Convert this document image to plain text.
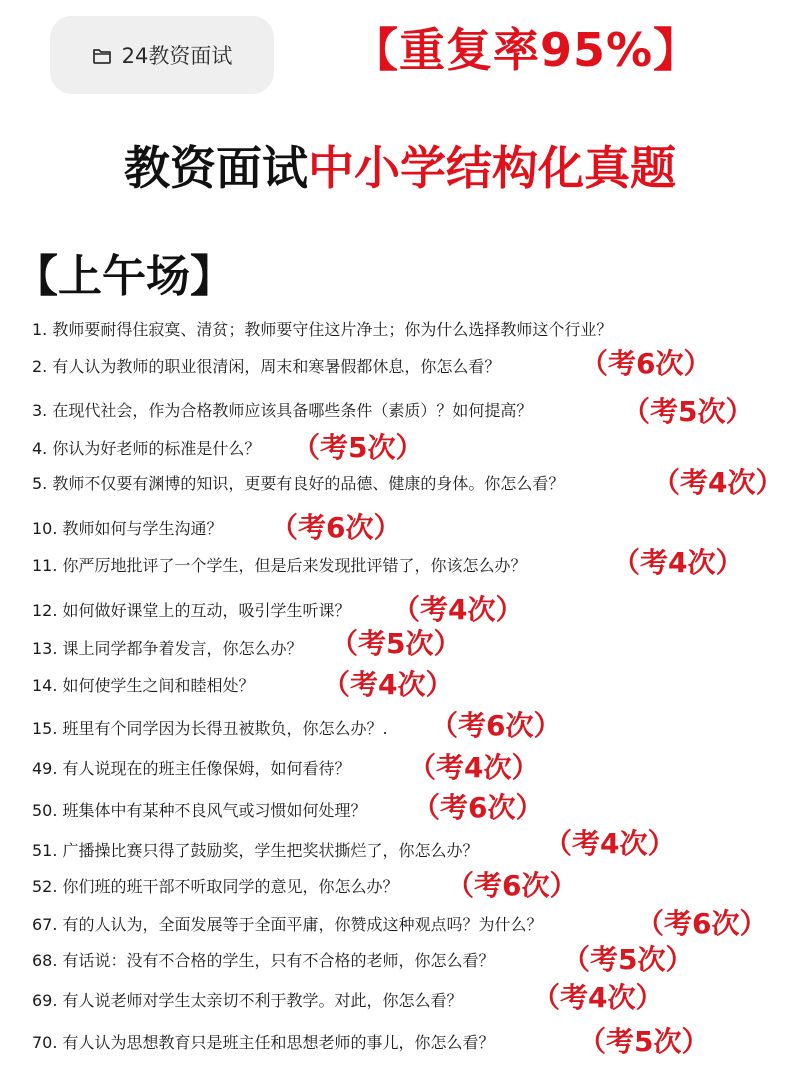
24教资面试	【重复率95%】
教资面试中小学结构化真题
【上午场】
1. 教师要耐得住寂寞、清贫；教师要守住这片净土；你为什么选择教师这个行业？
2. 有人认为教师的职业很清闲，周末和寒暑假都休息，你怎么看？	（考6次）
3. 在现代社会，作为合格教师应该具备哪些条件（素质）？如何提高？	（考5次）
4. 你认为好老师的标准是什么？ （考5次）
5. 教师不仅要有渊博的知识，更要有良好的品德、健康的身体。你怎么看？	（考4次）
10. 教师如何与学生沟通？ （考6次）
11. 你严厉地批评了一个学生，但是后来发现批评错了，你该怎么办？	（考4次）
12. 如何做好课堂上的互动，吸引学生听课？ （考4次）
13. 课上同学都争着发言，你怎么办？ （考5次）
14. 如何使学生之间和睦相处？ （考4次）
15. 班里有个同学因为长得丑被欺负，你怎么办？. （考6次）
49. 有人说现在的班主任像保姆，如何看待？ （考4次）
50. 班集体中有某种不良风气或习惯如何处理？ （考6次）
51. 广播操比赛只得了鼓励奖，学生把奖状撕烂了，你怎么办？ （考4次）
52. 你们班的班干部不听取同学的意见，你怎么办？ （考6次）
67. 有的人认为，全面发展等于全面平庸，你赞成这种观点吗？为什么？	（考6次）
68. 有话说：没有不合格的学生，只有不合格的老师，你怎么看？ （考5次）
69. 有人说老师对学生太亲切不利于教学。对此，你怎么看？ （考4次）
70. 有人认为思想教育只是班主任和思想老师的事儿，你怎么看？	（考5次）
